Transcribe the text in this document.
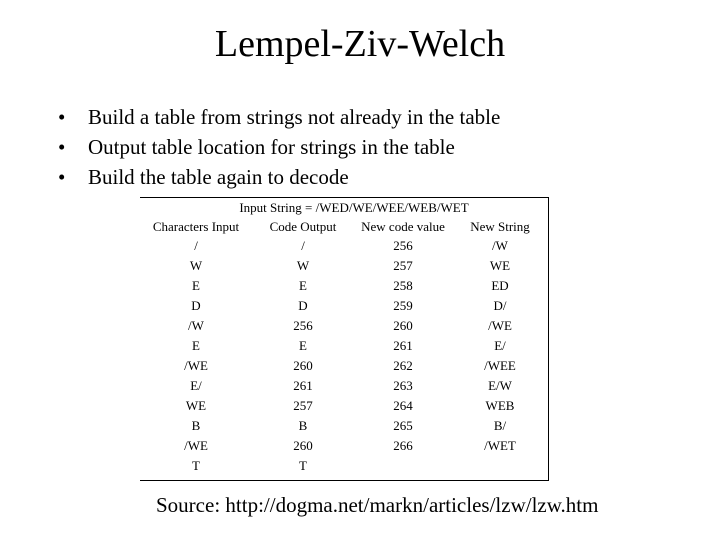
Lempel-Ziv-Welch
•	Build a table from strings not already in the table
•	Output table location for strings in the table
•	Build the table again to decode
Input String = /WED/WE/WEE/WEB/WET
Characters Input	Code Output	New code value	New String
/	/	256	/W
W	W	257	WE
E	E	258	ED
D	D	259	D/
/W	256	260	/WE
E	E	261	E/
/WE	260	262	/WEE
E/	261	263	E/W
WE	257	264	WEB
B	B	265	B/
/WE	260	266	/WET
T	T		
Source: http://dogma.net/markn/articles/lzw/lzw.htm
